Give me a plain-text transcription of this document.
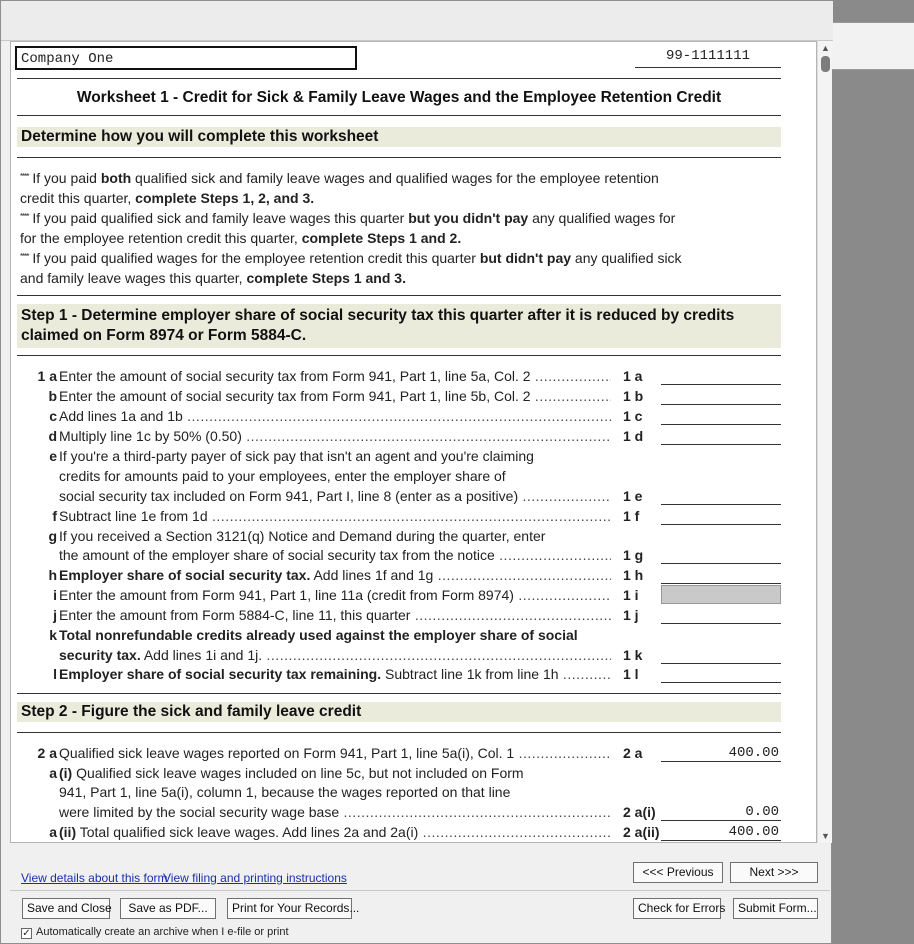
Company One	99-1111111
Worksheet 1 - Credit for Sick & Family Leave Wages and the Employee Retention Credit
Determine how you will complete this worksheet
**** If you paid both qualified sick and family leave wages and qualified wages for the employee retention
credit this quarter, complete Steps 1, 2, and 3.
**** If you paid qualified sick and family leave wages this quarter but you didn't pay any qualified wages for
for the employee retention credit this quarter, complete Steps 1 and 2.
**** If you paid qualified wages for the employee retention credit this quarter but didn't pay any qualified sick
and family leave wages this quarter, complete Steps 1 and 3.
Step 1 - Determine employer share of social security tax this quarter after it is reduced by credits
claimed on Form 8974 or Form 5884-C.
1 a Enter the amount of social security tax from Form 941, Part 1, line 5a, Col. 2 .....	1 a
b Enter the amount of social security tax from Form 941, Part 1, line 5b, Col. 2 .....	1 b
c Add lines 1a and 1b .....	1 c
d Multiply line 1c by 50% (0.50) .....	1 d
e If you're a third-party payer of sick pay that isn't an agent and you're claiming
credits for amounts paid to your employees, enter the employer share of
social security tax included on Form 941, Part I, line 8 (enter as a positive) .....	1 e
f Subtract line 1e from 1d .....	1 f
g If you received a Section 3121(q) Notice and Demand during the quarter, enter
the amount of the employer share of social security tax from the notice .....	1 g
h Employer share of social security tax. Add lines 1f and 1g .....	1 h
i Enter the amount from Form 941, Part 1, line 11a (credit from Form 8974) .....	1 i
j Enter the amount from Form 5884-C, line 11, this quarter .....	1 j
k Total nonrefundable credits already used against the employer share of social
security tax. Add lines 1i and 1j. .....	1 k
l Employer share of social security tax remaining. Subtract line 1k from line 1h .....	1 l
Step 2 - Figure the sick and family leave credit
2 a Qualified sick leave wages reported on Form 941, Part 1, line 5a(i), Col. 1 .....	2 a	400.00
a (i) Qualified sick leave wages included on line 5c, but not included on Form
941, Part 1, line 5a(i), column 1, because the wages reported on that line
were limited by the social security wage base .....	2 a(i)	0.00
a (ii) Total qualified sick leave wages. Add lines 2a and 2a(i) .....	2 a(ii)	400.00
▲
▼
View details about this form
View filing and printing instructions	<<< Previous	Next >>>
Save and Close	Save as PDF...	Print for Your Records...	Check for Errors	Submit Form...
✓ Automatically create an archive when I e-file or print
